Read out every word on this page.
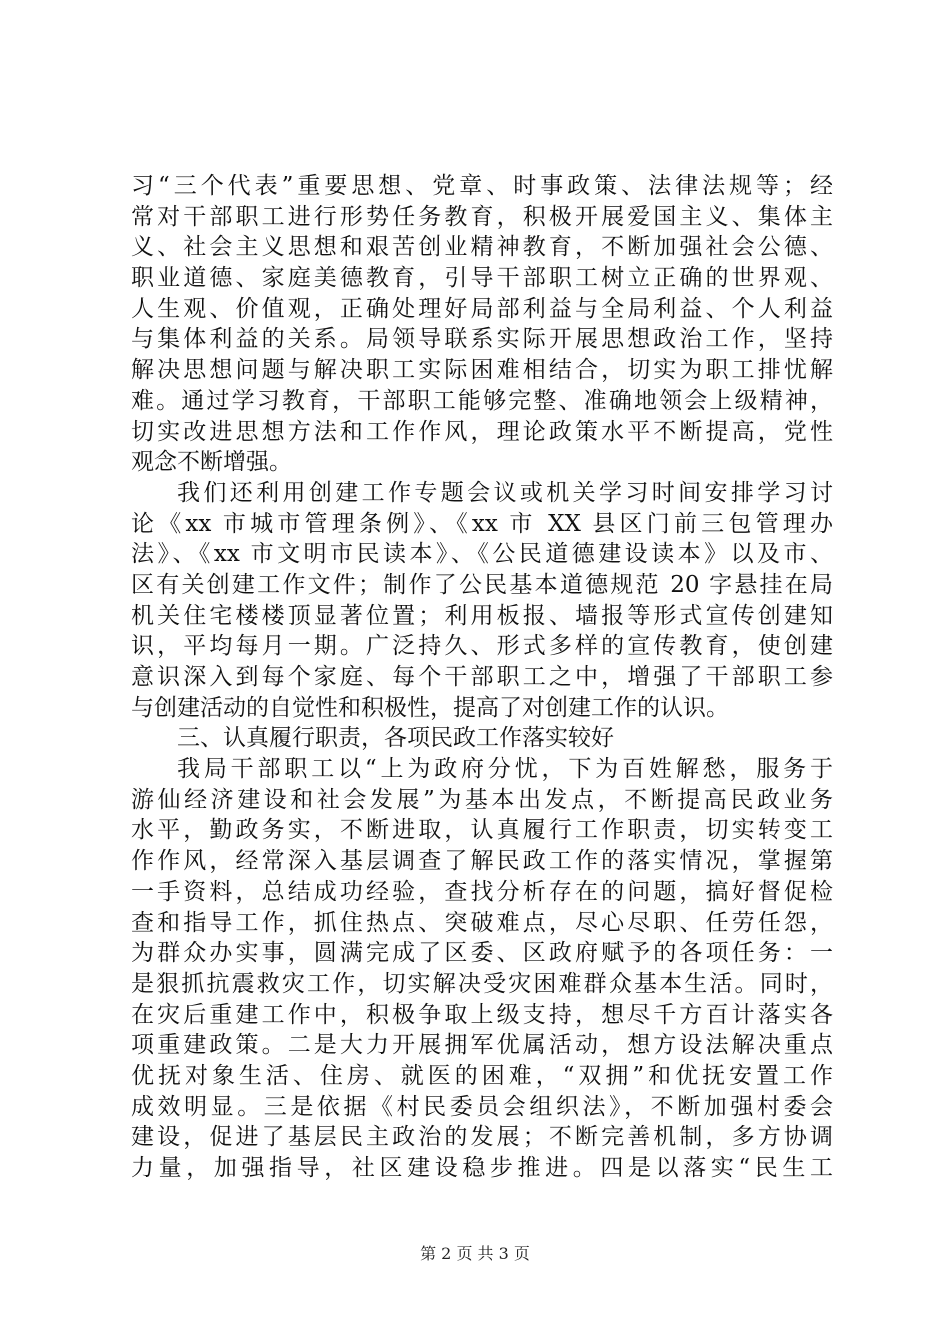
习“三个代表”重要思想、党章、时事政策、法律法规等；经
常对干部职工进行形势任务教育，积极开展爱国主义、集体主
义、社会主义思想和艰苦创业精神教育，不断加强社会公德、
职业道德、家庭美德教育，引导干部职工树立正确的世界观、
人生观、价值观，正确处理好局部利益与全局利益、个人利益
与集体利益的关系。局领导联系实际开展思想政治工作，坚持
解决思想问题与解决职工实际困难相结合，切实为职工排忧解
难。通过学习教育，干部职工能够完整、准确地领会上级精神，
切实改进思想方法和工作作风，理论政策水平不断提高，党性
观念不断增强。
我们还利用创建工作专题会议或机关学习时间安排学习讨
论《xx 市城市管理条例》、《xx 市 XX 县区门前三包管理办
法》、《xx 市文明市民读本》、《公民道德建设读本》以及市、
区有关创建工作文件；制作了公民基本道德规范 20 字悬挂在局
机关住宅楼楼顶显著位置；利用板报、墙报等形式宣传创建知
识，平均每月一期。广泛持久、形式多样的宣传教育，使创建
意识深入到每个家庭、每个干部职工之中，增强了干部职工参
与创建活动的自觉性和积极性，提高了对创建工作的认识。
三、认真履行职责，各项民政工作落实较好
我局干部职工以“上为政府分忧，下为百姓解愁，服务于
游仙经济建设和社会发展”为基本出发点，不断提高民政业务
水平，勤政务实，不断进取，认真履行工作职责，切实转变工
作作风，经常深入基层调查了解民政工作的落实情况，掌握第
一手资料，总结成功经验，查找分析存在的问题，搞好督促检
查和指导工作，抓住热点、突破难点，尽心尽职、任劳任怨，
为群众办实事，圆满完成了区委、区政府赋予的各项任务：一
是狠抓抗震救灾工作，切实解决受灾困难群众基本生活。同时，
在灾后重建工作中，积极争取上级支持，想尽千方百计落实各
项重建政策。二是大力开展拥军优属活动，想方设法解决重点
优抚对象生活、住房、就医的困难，“双拥”和优抚安置工作
成效明显。三是依据《村民委员会组织法》，不断加强村委会
建设，促进了基层民主政治的发展；不断完善机制，多方协调
力量，加强指导，社区建设稳步推进。四是以落实“民生工
第 2 页 共 3 页
